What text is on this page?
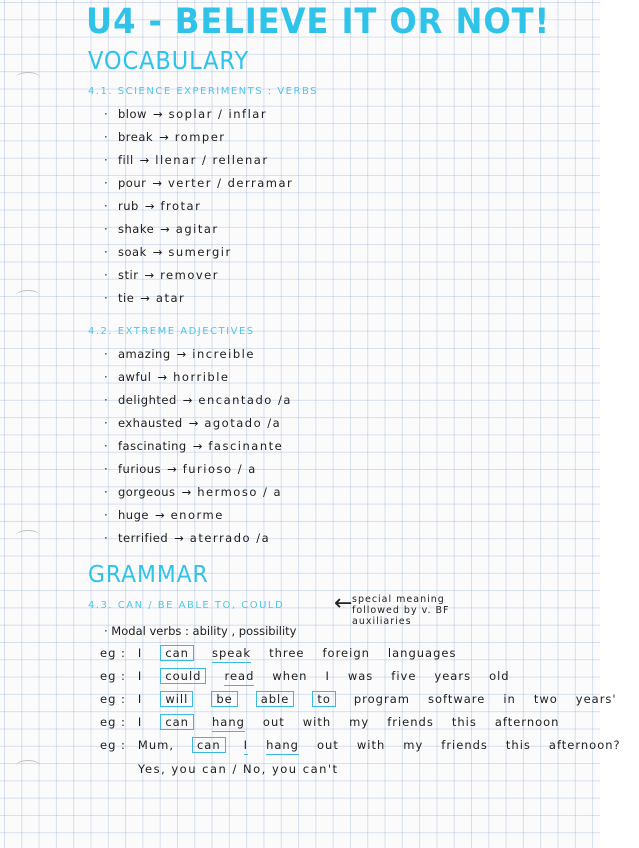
U4 - BELIEVE IT OR NOT!
VOCABULARY
4.1. SCIENCE EXPERIMENTS : VERBS
· blow → soplar / inflar
· break → romper
· fill → llenar / rellenar
· pour → verter / derramar
· rub → frotar
· shake → agitar
· soak → sumergir
· stir → remover
· tie → atar
4.2. EXTREME ADJECTIVES
· amazing → increible
· awful → horrible
· delighted → encantado /a
· exhausted → agotado /a
· fascinating → fascinante
· furious → furioso / a
· gorgeous → hermoso / a
· huge → enorme
· terrified → aterrado /a
GRAMMAR
4.3. CAN / BE ABLE TO, COULD ← special meaning
followed by v. BF
auxiliaries
· Modal verbs : ability , possibility
eg : I can speak three foreign languages
eg : I could read when I was five years old
eg : I will be able to program software in two years'
eg : I can hang out with my friends this afternoon
eg : Mum, can I hang out with my friends this afternoon?
Yes, you can / No, you can't
